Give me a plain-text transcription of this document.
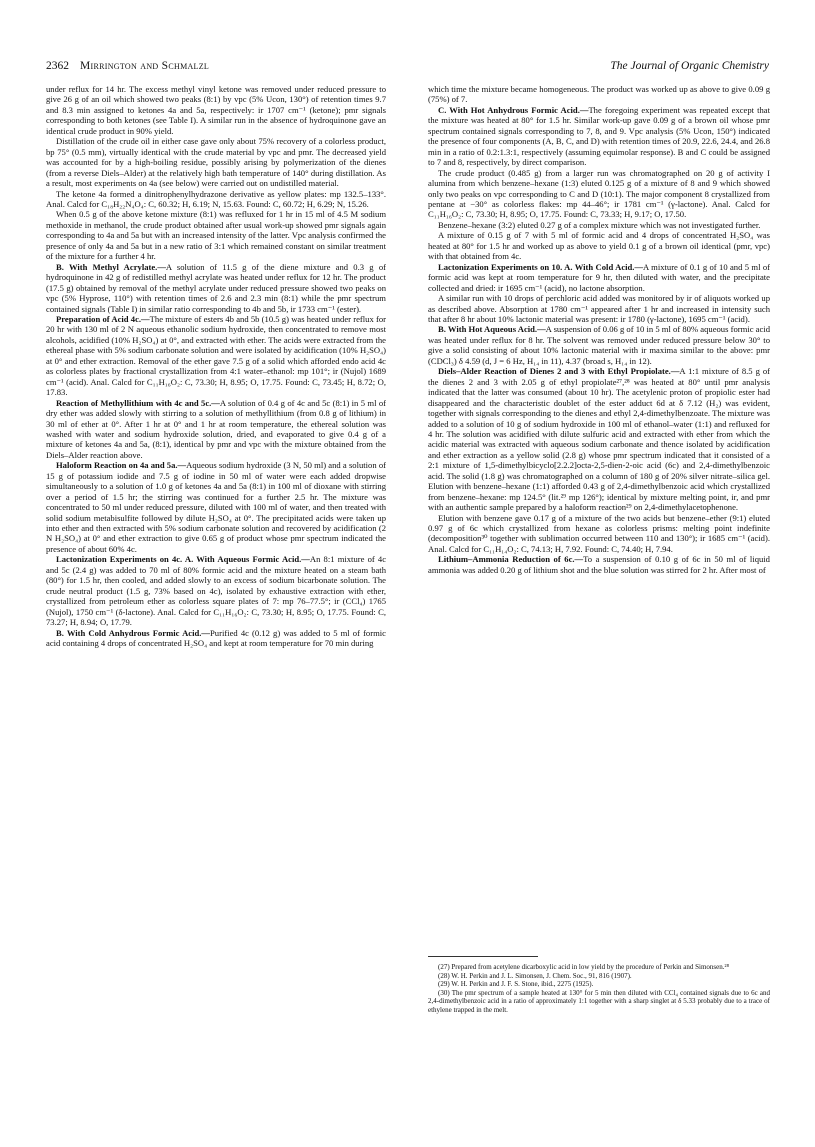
2362 Mirrington and Schmalzl	The Journal of Organic Chemistry

under reflux for 14 hr. The excess methyl vinyl ketone was removed under reduced pressure to give 26 g of an oil which showed two peaks (8:1) by vpc (5% Ucon, 130°) of retention times 9.7 and 8.3 min assigned to ketones 4a and 5a, respectively: ir 1707 cm⁻¹ (ketone); pmr signals corresponding to both ketones (see Table I). A similar run in the absence of hydroquinone gave an identical crude product in 90% yield.

Distillation of the crude oil in either case gave only about 75% recovery of a colorless product, bp 75° (0.5 mm), virtually identical with the crude material by vpc and pmr. The decreased yield was accounted for by a high-boiling residue, possibly arising by polymerization of the dienes (from a reverse Diels–Alder) at the relatively high bath temperature of 140° during distillation. As a result, most experiments on 4a (see below) were carried out on undistilled material.

The ketone 4a formed a dinitrophenylhydrazone derivative as yellow plates: mp 132.5–133°. Anal. Calcd for C₁₈H₂₂N₄O₄: C, 60.32; H, 6.19; N, 15.63. Found: C, 60.72; H, 6.29; N, 15.26.

When 0.5 g of the above ketone mixture (8:1) was refluxed for 1 hr in 15 ml of 4.5 M sodium methoxide in methanol, the crude product obtained after usual work-up showed pmr signals again corresponding to 4a and 5a but with an increased intensity of the latter. Vpc analysis confirmed the presence of only 4a and 5a but in a new ratio of 3:1 which remained constant on similar treatment of the mixture for a further 4 hr.

B. With Methyl Acrylate.—A solution of 11.5 g of the diene mixture and 0.3 g of hydroquinone in 42 g of redistilled methyl acrylate was heated under reflux for 12 hr. The product (17.5 g) obtained by removal of the methyl acrylate under reduced pressure showed two peaks on vpc (5% Hyprose, 110°) with retention times of 2.6 and 2.3 min (8:1) while the pmr spectrum contained signals (Table I) in similar ratio corresponding to 4b and 5b, ir 1733 cm⁻¹ (ester).

Preparation of Acid 4c.—The mixture of esters 4b and 5b (10.5 g) was heated under reflux for 20 hr with 130 ml of 2 N aqueous ethanolic sodium hydroxide, then concentrated to remove most alcohols, acidified (10% H₂SO₄) at 0°, and extracted with ether. The acids were extracted from the ethereal phase with 5% sodium carbonate solution and were isolated by acidification (10% H₂SO₄) at 0° and ether extraction. Removal of the ether gave 7.5 g of a solid which afforded endo acid 4c as colorless plates by fractional crystallization from 4:1 water–ethanol: mp 101°; ir (Nujol) 1689 cm⁻¹ (acid). Anal. Calcd for C₁₁H₁₆O₂: C, 73.30; H, 8.95; O, 17.75. Found: C, 73.45; H, 8.72; O, 17.83.

Reaction of Methyllithium with 4c and 5c.—A solution of 0.4 g of 4c and 5c (8:1) in 5 ml of dry ether was added slowly with stirring to a solution of methyllithium (from 0.8 g of lithium) in 30 ml of ether at 0°. After 1 hr at 0° and 1 hr at room temperature, the ethereal solution was washed with water and sodium hydroxide solution, dried, and evaporated to give 0.4 g of a mixture of ketones 4a and 5a, (8:1), identical by pmr and vpc with the mixture obtained from the Diels–Alder reaction above.

Haloform Reaction on 4a and 5a.—Aqueous sodium hydroxide (3 N, 50 ml) and a solution of 15 g of potassium iodide and 7.5 g of iodine in 50 ml of water were each added dropwise simultaneously to a solution of 1.0 g of ketones 4a and 5a (8:1) in 100 ml of dioxane with stirring over a period of 1.5 hr; the stirring was continued for a further 2.5 hr. The mixture was concentrated to 50 ml under reduced pressure, diluted with 100 ml of water, and then treated with solid sodium metabisulfite followed by dilute H₂SO₄ at 0°. The precipitated acids were taken up into ether and then extracted with 5% sodium carbonate solution and recovered by acidification (2 N H₂SO₄) at 0° and ether extraction to give 0.65 g of product whose pmr spectrum indicated the presence of about 60% 4c.

Lactonization Experiments on 4c. A. With Aqueous Formic Acid.—An 8:1 mixture of 4c and 5c (2.4 g) was added to 70 ml of 80% formic acid and the mixture heated on a steam bath (80°) for 1.5 hr, then cooled, and added slowly to an excess of sodium bicarbonate solution. The crude neutral product (1.5 g, 73% based on 4c), isolated by exhaustive extraction with ether, crystallized from petroleum ether as colorless square plates of 7: mp 76–77.5°; ir (CCl₄) 1765 (Nujol), 1750 cm⁻¹ (δ-lactone). Anal. Calcd for C₁₁H₁₆O₂: C, 73.30; H, 8.95; O, 17.75. Found: C, 73.27; H, 8.94; O, 17.79.

B. With Cold Anhydrous Formic Acid.—Purified 4c (0.12 g) was added to 5 ml of formic acid containing 4 drops of concentrated H₂SO₄ and kept at room temperature for 70 min during

which time the mixture became homogeneous. The product was worked up as above to give 0.09 g (75%) of 7.

C. With Hot Anhydrous Formic Acid.—The foregoing experiment was repeated except that the mixture was heated at 80° for 1.5 hr. Similar work-up gave 0.09 g of a brown oil whose pmr spectrum contained signals corresponding to 7, 8, and 9. Vpc analysis (5% Ucon, 150°) indicated the presence of four components (A, B, C, and D) with retention times of 20.9, 22.6, 24.4, and 26.8 min in a ratio of 0.2:1.3:1, respectively (assuming equimolar response). B and C could be assigned to 7 and 8, respectively, by direct comparison.

The crude product (0.485 g) from a larger run was chromatographed on 20 g of activity I alumina from which benzene–hexane (1:3) eluted 0.125 g of a mixture of 8 and 9 which showed only two peaks on vpc corresponding to C and D (10:1). The major component 8 crystallized from pentane at −30° as colorless flakes: mp 44–46°; ir 1781 cm⁻¹ (γ-lactone). Anal. Calcd for C₁₁H₁₆O₂: C, 73.30; H, 8.95; O, 17.75. Found: C, 73.33; H, 9.17; O, 17.50.

Benzene–hexane (3:2) eluted 0.27 g of a complex mixture which was not investigated further.

A mixture of 0.15 g of 7 with 5 ml of formic acid and 4 drops of concentrated H₂SO₄ was heated at 80° for 1.5 hr and worked up as above to yield 0.1 g of a brown oil identical (pmr, vpc) with that obtained from 4c.

Lactonization Experiments on 10. A. With Cold Acid.—A mixture of 0.1 g of 10 and 5 ml of formic acid was kept at room temperature for 9 hr, then diluted with water, and the precipitate collected and dried: ir 1695 cm⁻¹ (acid), no lactone absorption.

A similar run with 10 drops of perchloric acid added was monitored by ir of aliquots worked up as described above. Absorption at 1780 cm⁻¹ appeared after 1 hr and increased in intensity such that after 8 hr about 10% lactonic material was present: ir 1780 (γ-lactone), 1695 cm⁻¹ (acid).

B. With Hot Aqueous Acid.—A suspension of 0.06 g of 10 in 5 ml of 80% aqueous formic acid was heated under reflux for 8 hr. The solvent was removed under reduced pressure below 30° to give a solid consisting of about 10% lactonic material with ir maxima similar to the above: pmr (CDCl₃) δ 4.59 (d, J = 6 Hz, H₁₄ in 11), 4.37 (broad s, H₁₄ in 12).

Diels–Alder Reaction of Dienes 2 and 3 with Ethyl Propiolate.—A 1:1 mixture of 8.5 g of the dienes 2 and 3 with 2.05 g of ethyl propiolate²⁷,²⁸ was heated at 80° until pmr analysis indicated that the latter was consumed (about 10 hr). The acetylenic proton of propiolic ester had disappeared and the characteristic doublet of the ester adduct 6d at δ 7.12 (H₂) was evident, together with signals corresponding to the dienes and ethyl 2,4-dimethylbenzoate. The mixture was added to a solution of 10 g of sodium hydroxide in 100 ml of ethanol–water (1:1) and refluxed for 4 hr. The solution was acidified with dilute sulfuric acid and extracted with ether from which the acidic material was extracted with aqueous sodium carbonate and thence isolated by acidification and ether extraction as a yellow solid (2.8 g) whose pmr spectrum indicated that it consisted of a 2:1 mixture of 1,5-dimethylbicyclo[2.2.2]octa-2,5-dien-2-oic acid (6c) and 2,4-dimethylbenzoic acid. The solid (1.8 g) was chromatographed on a column of 180 g of 20% silver nitrate–silica gel. Elution with benzene–hexane (1:1) afforded 0.43 g of 2,4-dimethylbenzoic acid which crystallized from benzene–hexane: mp 124.5° (lit.²⁹ mp 126°); identical by mixture melting point, ir, and pmr with an authentic sample prepared by a haloform reaction²⁹ on 2,4-dimethylacetophenone.

Elution with benzene gave 0.17 g of a mixture of the two acids but benzene–ether (9:1) eluted 0.97 g of 6c which crystallized from hexane as colorless prisms: melting point indefinite (decomposition³⁰ together with sublimation occurred between 110 and 130°); ir 1685 cm⁻¹ (acid). Anal. Calcd for C₁₁H₁₄O₂: C, 74.13; H, 7.92. Found: C, 74.40; H, 7.94.

Lithium–Ammonia Reduction of 6c.—To a suspension of 0.10 g of 6c in 50 ml of liquid ammonia was added 0.20 g of lithium shot and the blue solution was stirred for 2 hr. After most of

(27) Prepared from acetylene dicarboxylic acid in low yield by the procedure of Perkin and Simonsen.²⁸

(28) W. H. Perkin and J. L. Simonsen, J. Chem. Soc., 91, 816 (1907).

(29) W. H. Perkin and J. F. S. Stone, ibid., 2275 (1925).

(30) The pmr spectrum of a sample heated at 130° for 5 min then diluted with CCl₄ contained signals due to 6c and 2,4-dimethylbenzoic acid in a ratio of approximately 1:1 together with a sharp singlet at δ 5.33 probably due to a trace of ethylene trapped in the melt.
